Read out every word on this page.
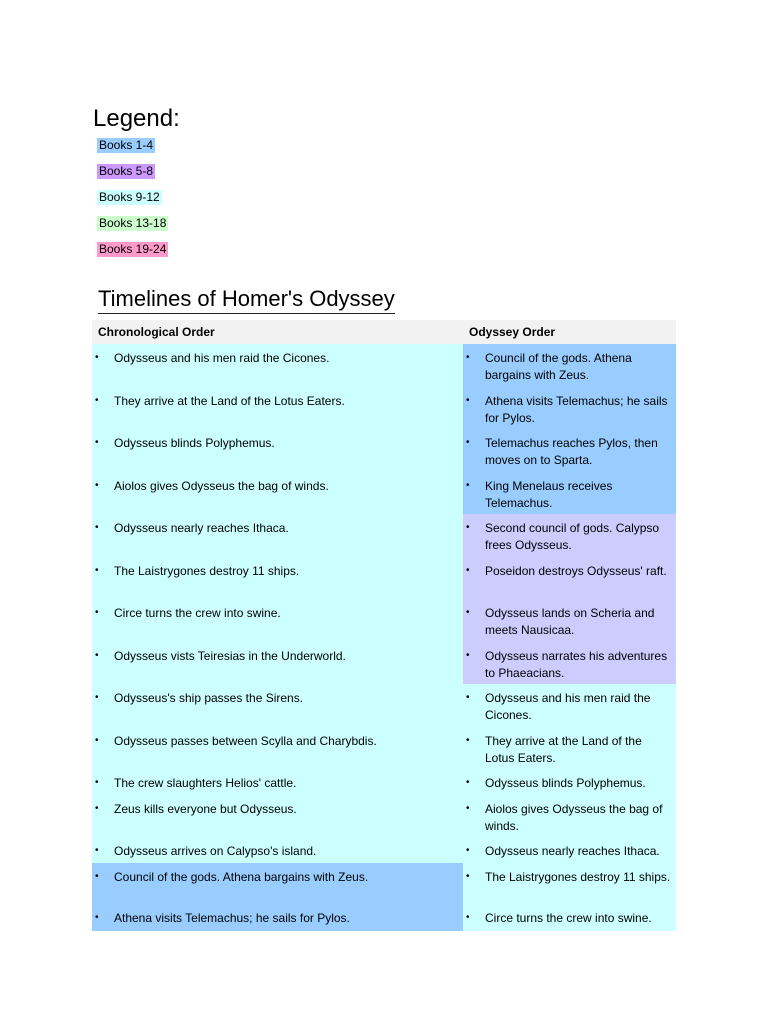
Legend:
Books 1-4
Books 5-8
Books 9-12
Books 13-18
Books 19-24
Timelines of Homer's Odyssey
Chronological Order	Odyssey Order
• Odysseus and his men raid the Cicones.
• They arrive at the Land of the Lotus Eaters.
• Odysseus blinds Polyphemus.
• Aiolos gives Odysseus the bag of winds.
• Odysseus nearly reaches Ithaca.
• The Laistrygones destroy 11 ships.
• Circe turns the crew into swine.
• Odysseus vists Teiresias in the Underworld.
• Odysseus's ship passes the Sirens.
• Odysseus passes between Scylla and Charybdis.
• The crew slaughters Helios' cattle.
• Zeus kills everyone but Odysseus.
• Odysseus arrives on Calypso's island.
• Council of the gods. Athena bargains with Zeus.
• Athena visits Telemachus; he sails for Pylos.
• Council of the gods. Athena bargains with Zeus.
• Athena visits Telemachus; he sails for Pylos.
• Telemachus reaches Pylos, then moves on to Sparta.
• King Menelaus receives Telemachus.
• Second council of gods. Calypso frees Odysseus.
• Poseidon destroys Odysseus' raft.
• Odysseus lands on Scheria and meets Nausicaa.
• Odysseus narrates his adventures to Phaeacians.
• Odysseus and his men raid the Cicones.
• They arrive at the Land of the Lotus Eaters.
• Odysseus blinds Polyphemus.
• Aiolos gives Odysseus the bag of winds.
• Odysseus nearly reaches Ithaca.
• The Laistrygones destroy 11 ships.
• Circe turns the crew into swine.
